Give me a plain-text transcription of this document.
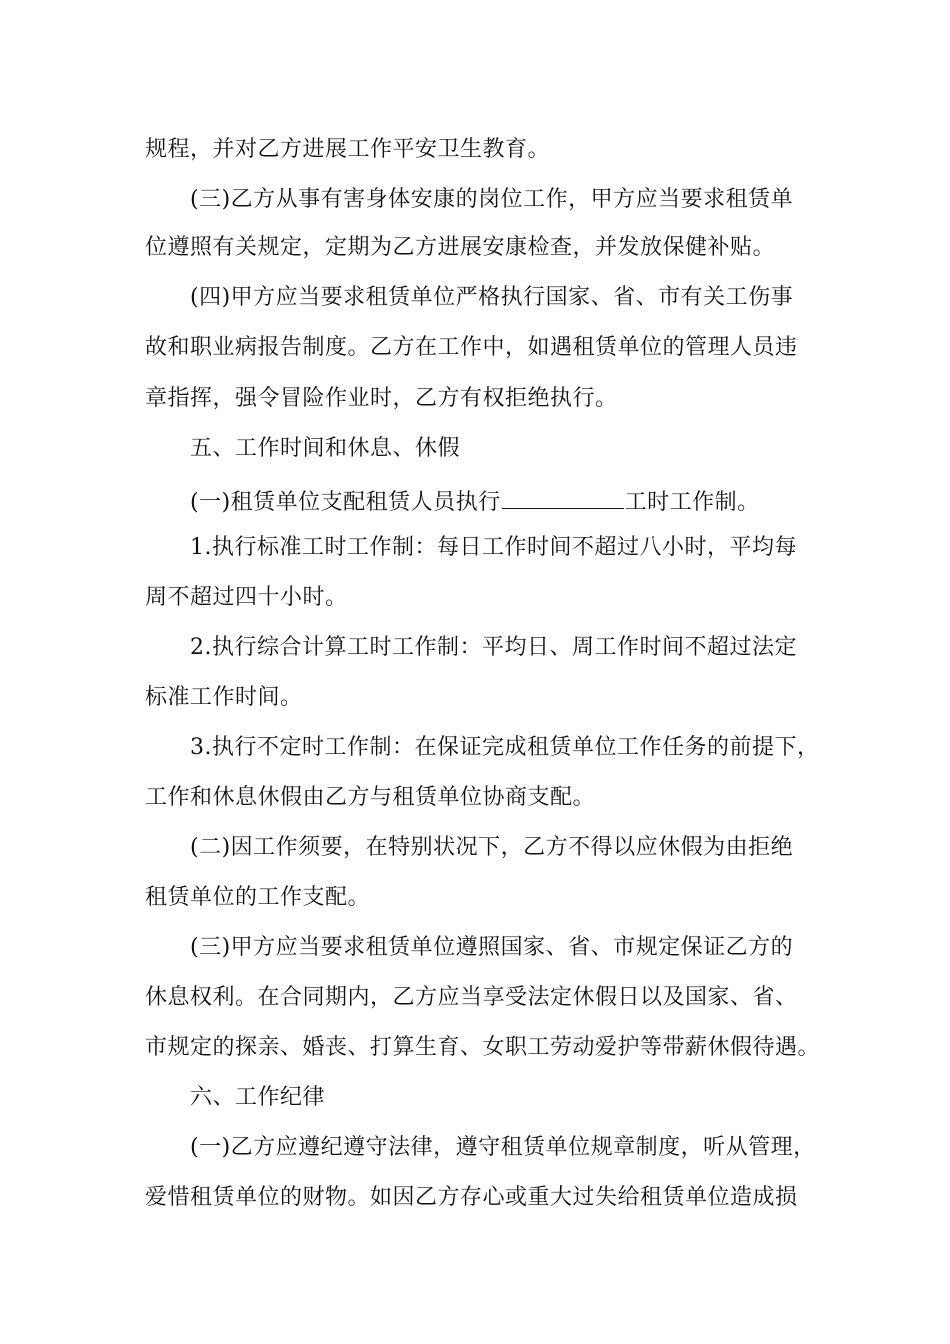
规程，并对乙方进展工作平安卫生教育。
(三)乙方从事有害身体安康的岗位工作，甲方应当要求租赁单
位遵照有关规定，定期为乙方进展安康检查，并发放保健补贴。
(四)甲方应当要求租赁单位严格执行国家、省、市有关工伤事
故和职业病报告制度。乙方在工作中，如遇租赁单位的管理人员违
章指挥，强令冒险作业时，乙方有权拒绝执行。
五、工作时间和休息、休假
(一)租赁单位支配租赁人员执行	工时工作制。
1.执行标准工时工作制：每日工作时间不超过八小时，平均每
周不超过四十小时。
2.执行综合计算工时工作制：平均日、周工作时间不超过法定
标准工作时间。
3.执行不定时工作制：在保证完成租赁单位工作任务的前提下，
工作和休息休假由乙方与租赁单位协商支配。
(二)因工作须要，在特别状况下，乙方不得以应休假为由拒绝
租赁单位的工作支配。
(三)甲方应当要求租赁单位遵照国家、省、市规定保证乙方的
休息权利。在合同期内，乙方应当享受法定休假日以及国家、省、
市规定的探亲、婚丧、打算生育、女职工劳动爱护等带薪休假待遇。
六、工作纪律
(一)乙方应遵纪遵守法律，遵守租赁单位规章制度，听从管理，
爱惜租赁单位的财物。如因乙方存心或重大过失给租赁单位造成损
